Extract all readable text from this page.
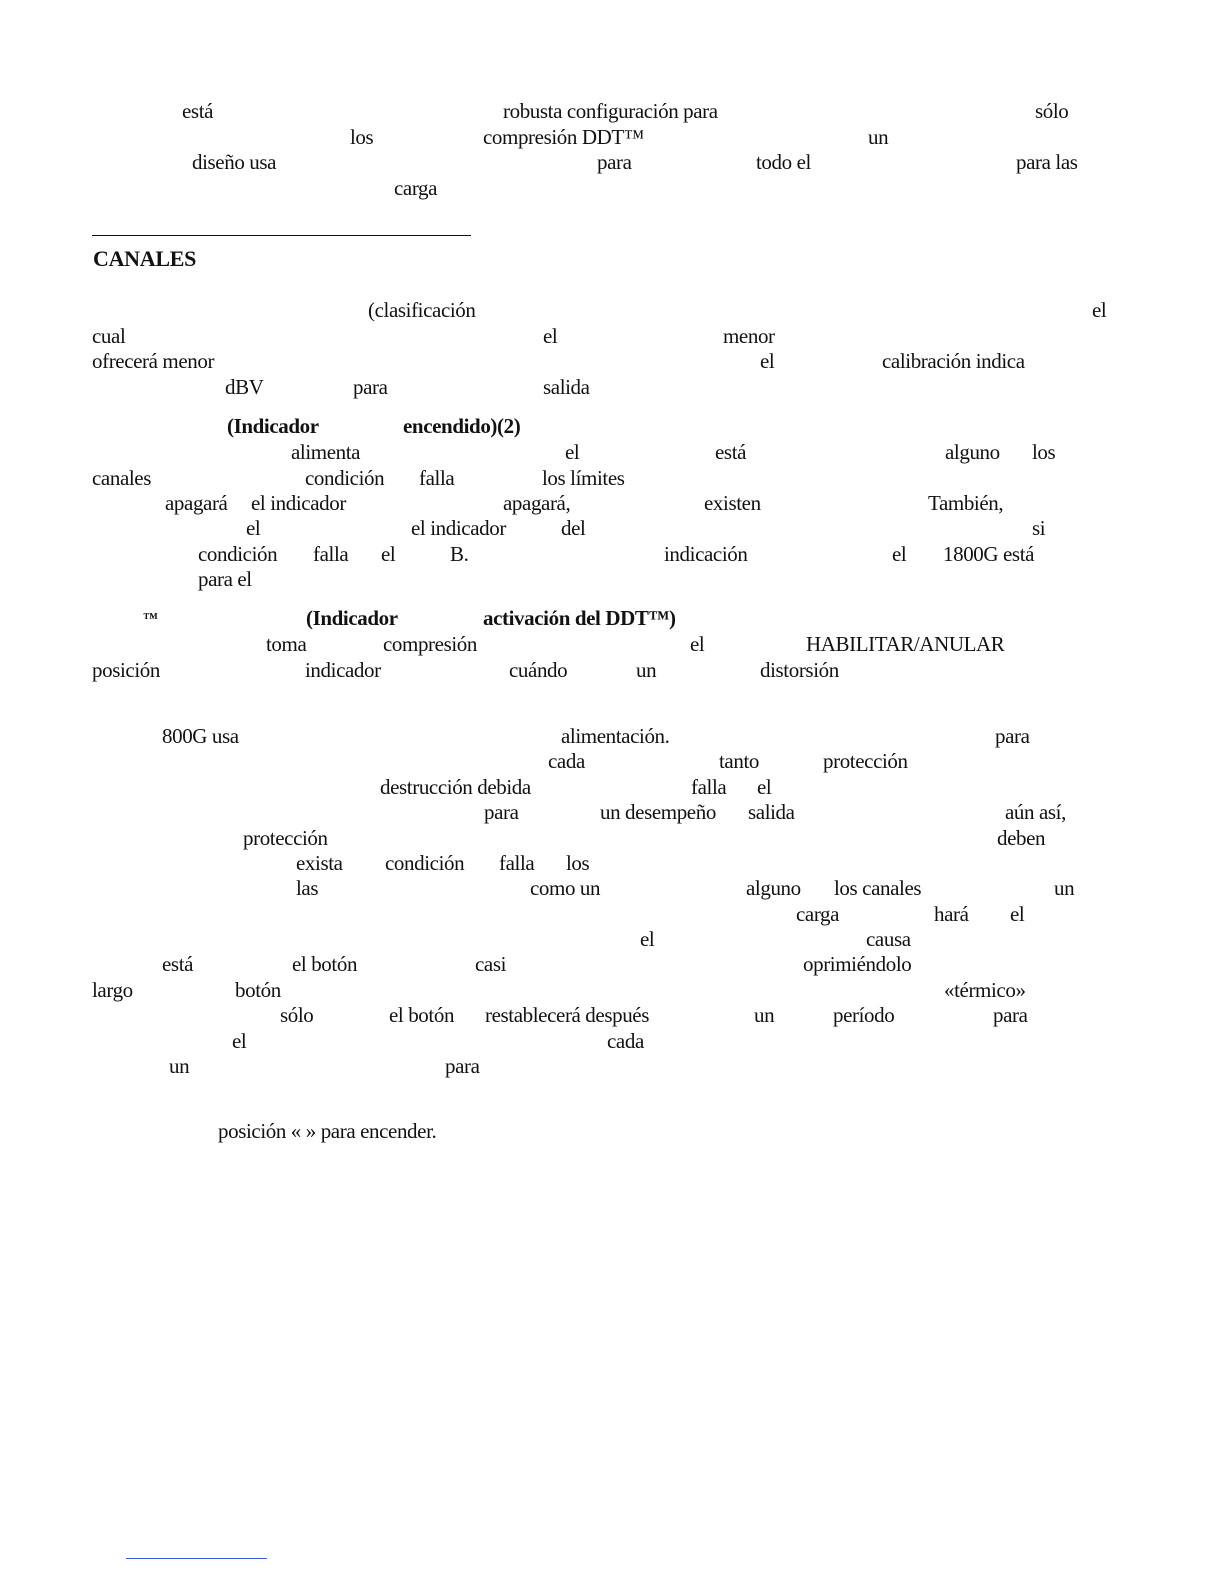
está	robusta configuración para	sólo
los	compresión DDT™	un
diseño usa	para	todo el	para las
carga
CANALES
(clasificación	el
cual	el	menor
ofrecerá menor	el	calibración indica
dBV	para	salida
(Indicador	encendido)(2)
alimenta	el	está	alguno los
canales	condición falla	los límites
apagará el indicador	apagará,	existen	También,
el	el indicador	del	si
condición falla el	B.	indicación	el 1800G está
para el
™	(Indicador	activación del DDT™)
toma	compresión	el	HABILITAR/ANULAR
posición	indicador	cuándo	un	distorsión
800G usa	alimentación.	para
cada	tanto	protección
destrucción debida	falla el
para	un desempeño salida	aún así,
protección	deben
exista condición falla los
las	como un	alguno los canales	un
carga	hará el
el	causa
está	el botón	casi	oprimiéndolo
largo	botón	«térmico»
sólo	el botón restablecerá después	un	período	para
el	cada
un	para
posición « » para encender.
